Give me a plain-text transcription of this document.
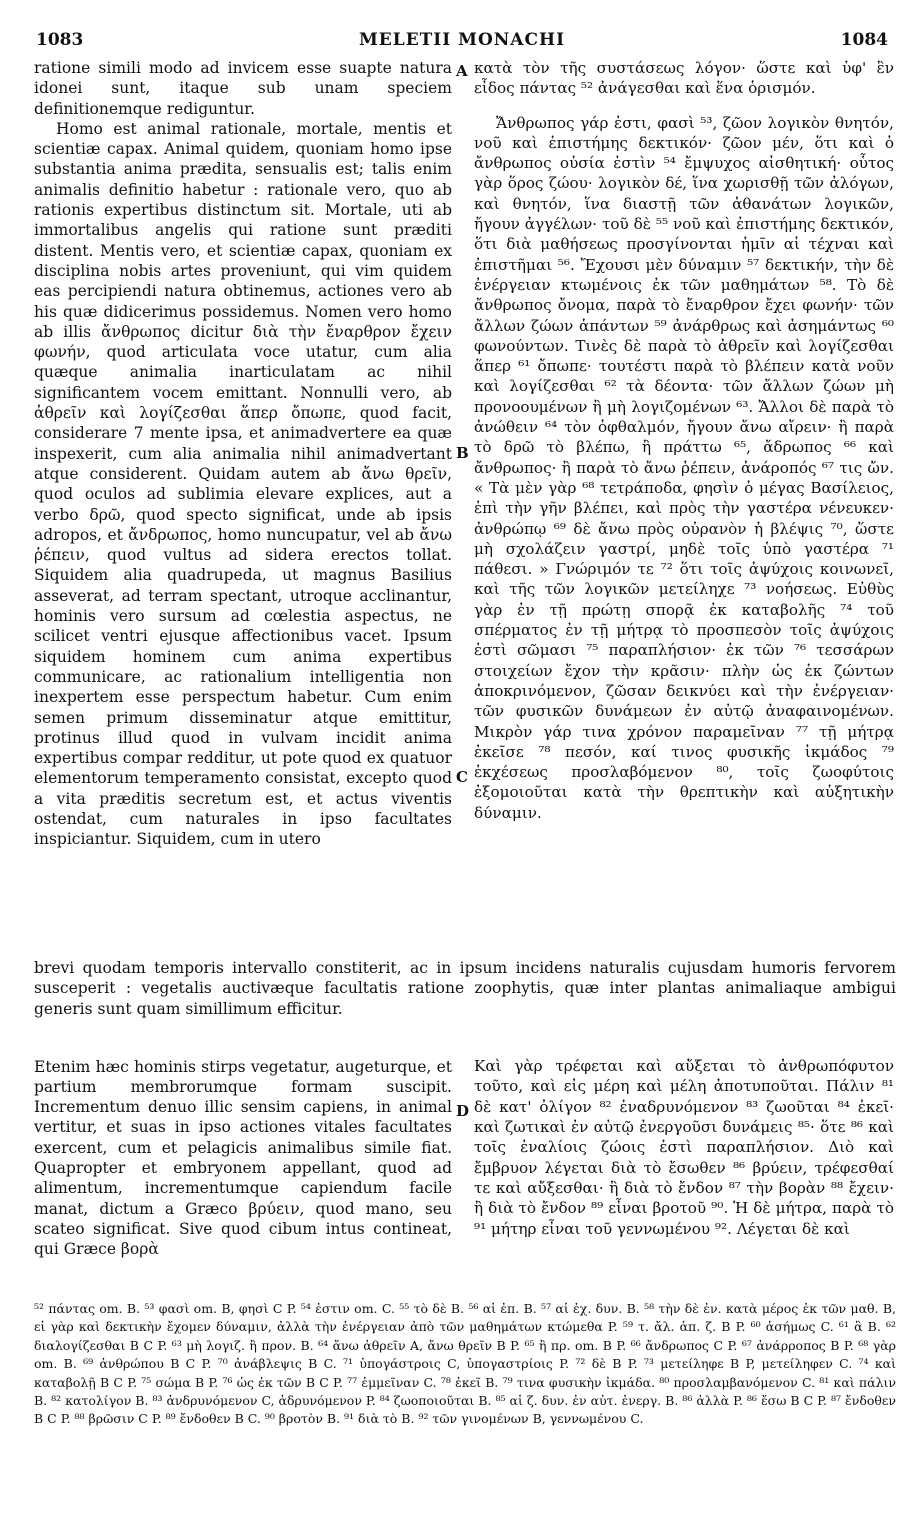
1083	MELETII MONACHI	1084
A
B
C
D

ratione simili modo ad invicem esse suapte natura idonei sunt, itaque sub unam speciem definitionemque rediguntur.

Homo est animal rationale, mortale, mentis et scientiæ capax. Animal quidem, quoniam homo ipse substantia anima prædita, sensualis est; talis enim animalis definitio habetur : rationale vero, quo ab rationis expertibus distinctum sit. Mortale, uti ab immortalibus angelis qui ratione sunt præditi distent. Mentis vero, et scientiæ capax, quoniam ex disciplina nobis artes proveniunt, qui vim quidem eas percipiendi natura obtinemus, actiones vero ab his quæ didicerimus possidemus. Nomen vero homo ab illis ἄνθρωπος dicitur διὰ τὴν ἔναρθρον ἔχειν φωνήν, quod articulata voce utatur, cum alia quæque animalia inarticulatam ac nihil significantem vocem emittant. Nonnulli vero, ab ἀθρεῖν καὶ λογίζεσθαι ἅπερ ὄπωπε, quod facit, considerare 7 mente ipsa, et animadvertere ea quæ inspexerit, cum alia animalia nihil animadvertant atque considerent. Quidam autem ab ἄνω θρεῖν, quod oculos ad sublimia elevare explices, aut a verbo δρῶ, quod specto significat, unde ab ipsis adropos, et ἄνδρωπος, homo nuncupatur, vel ab ἄνω ῥέπειν, quod vultus ad sidera erectos tollat. Siquidem alia quadrupeda, ut magnus Basilius asseverat, ad terram spectant, utroque acclinantur, hominis vero sursum ad cœlestia aspectus, ne scilicet ventri ejusque affectionibus vacet. Ipsum siquidem hominem cum anima expertibus communicare, ac rationalium intelligentia non inexpertem esse perspectum habetur. Cum enim semen primum disseminatur atque emittitur, protinus illud quod in vulvam incidit anima expertibus compar redditur, ut pote quod ex quatuor elementorum temperamento consistat, excepto quod a vita præditis secretum est, et actus viventis ostendat, cum naturales in ipso facultates inspiciantur. Siquidem, cum in utero

κατὰ τὸν τῆς συστάσεως λόγον· ὥστε καὶ ὑφ' ἓν εἶδος πάντας ⁵² ἀνάγεσθαι καὶ ἕνα ὁρισμόν.

Ἄνθρωπος γάρ ἐστι, φασὶ ⁵³, ζῶον λογικὸν θνητόν, νοῦ καὶ ἐπιστήμης δεκτικόν· ζῶον μέν, ὅτι καὶ ὁ ἄνθρωπος οὐσία ἐστὶν ⁵⁴ ἔμψυχος αἰσθητική· οὗτος γὰρ ὅρος ζώου· λογικὸν δέ, ἵνα χωρισθῇ τῶν ἀλόγων, καὶ θνητόν, ἵνα διαστῇ τῶν ἀθανάτων λογικῶν, ἤγουν ἀγγέλων· τοῦ δὲ ⁵⁵ νοῦ καὶ ἐπιστήμης δεκτικόν, ὅτι διὰ μαθήσεως προσγίνονται ἡμῖν αἱ τέχναι καὶ ἐπιστῆμαι ⁵⁶. Ἔχουσι μὲν δύναμιν ⁵⁷ δεκτικήν, τὴν δὲ ἐνέργειαν κτωμένοις ἐκ τῶν μαθημάτων ⁵⁸. Τὸ δὲ ἄνθρωπος ὄνομα, παρὰ τὸ ἔναρθρον ἔχει φωνήν· τῶν ἄλλων ζώων ἁπάντων ⁵⁹ ἀνάρθρως καὶ ἀσημάντως ⁶⁰ φωνούντων. Τινὲς δὲ παρὰ τὸ ἀθρεῖν καὶ λογίζεσθαι ἅπερ ⁶¹ ὄπωπε· τουτέστι παρὰ τὸ βλέπειν κατὰ νοῦν καὶ λογίζεσθαι ⁶² τὰ δέοντα· τῶν ἄλλων ζώων μὴ προνοουμένων ἢ μὴ λογιζομένων ⁶³. Ἄλλοι δὲ παρὰ τὸ ἀνώθειν ⁶⁴ τὸν ὀφθαλμόν, ἤγουν ἄνω αἴρειν· ἢ παρὰ τὸ δρῶ τὸ βλέπω, ἢ πράττω ⁶⁵, ἄδρωπος ⁶⁶ καὶ ἄνθρωπος· ἢ παρὰ τὸ ἄνω ῥέπειν, ἀνάροπός ⁶⁷ τις ὤν. « Τὰ μὲν γὰρ ⁶⁸ τετράποδα, φησὶν ὁ μέγας Βασίλειος, ἐπὶ τὴν γῆν βλέπει, καὶ πρὸς τὴν γαστέρα νένευκεν· ἀνθρώπῳ ⁶⁹ δὲ ἄνω πρὸς οὐρανὸν ἡ βλέψις ⁷⁰, ὥστε μὴ σχολάζειν γαστρί, μηδὲ τοῖς ὑπὸ γαστέρα ⁷¹ πάθεσι. » Γνώριμόν τε ⁷² ὅτι τοῖς ἀψύχοις κοινωνεῖ, καὶ τῆς τῶν λογικῶν μετείληχε ⁷³ νοήσεως. Εὐθὺς γὰρ ἐν τῇ πρώτῃ σπορᾷ ἐκ καταβολῆς ⁷⁴ τοῦ σπέρματος ἐν τῇ μήτρᾳ τὸ προσπεσὸν τοῖς ἀψύχοις ἐστὶ σῶμασι ⁷⁵ παραπλήσιον· ἐκ τῶν ⁷⁶ τεσσάρων στοιχείων ἔχον τὴν κρᾶσιν· πλὴν ὡς ἐκ ζώντων ἀποκρινόμενον, ζῶσαν δεικνύει καὶ τὴν ἐνέργειαν· τῶν φυσικῶν δυνάμεων ἐν αὐτῷ ἀναφαινομένων. Μικρὸν γάρ τινα χρόνον παραμεῖναν ⁷⁷ τῇ μήτρᾳ ἐκεῖσε ⁷⁸ πεσόν, καί τινος φυσικῆς ἰκμάδος ⁷⁹ ἐκχέσεως προσλαβόμενον ⁸⁰, τοῖς ζωοφύτοις ἐξομοιοῦται κατὰ τὴν θρεπτικὴν καὶ αὐξητικὴν δύναμιν.

brevi quodam temporis intervallo constiterit, ac in ipsum incidens naturalis cujusdam humoris fervorem susceperit : vegetalis auctivæque facultatis ratione zoophytis, quæ inter plantas animaliaque ambigui generis sunt quam simillimum efficitur.

Etenim hæc hominis stirps vegetatur, augeturque, et partium membrorumque formam suscipit. Incrementum denuo illic sensim capiens, in animal vertitur, et suas in ipso actiones vitales facultates exercent, cum et pelagicis animalibus simile fiat. Quapropter et embryonem appellant, quod ad alimentum, incrementumque capiendum facile manat, dictum a Græco βρύειν, quod mano, seu scateo significat. Sive quod cibum intus contineat, qui Græce βορὰ

Καὶ γὰρ τρέφεται καὶ αὔξεται τὸ ἀνθρωπόφυτον τοῦτο, καὶ εἰς μέρη καὶ μέλη ἀποτυποῦται. Πάλιν ⁸¹ δὲ κατ' ὀλίγον ⁸² ἐναδρυνόμενον ⁸³ ζωοῦται ⁸⁴ ἐκεῖ· καὶ ζωτικαὶ ἐν αὐτῷ ἐνεργοῦσι δυνάμεις ⁸⁵· ὅτε ⁸⁶ καὶ τοῖς ἐναλίοις ζώοις ἐστὶ παραπλήσιον. Διὸ καὶ ἔμβρυον λέγεται διὰ τὸ ἔσωθεν ⁸⁶ βρύειν, τρέφεσθαί τε καὶ αὔξεσθαι· ἢ διὰ τὸ ἔνδον ⁸⁷ τὴν βορὰν ⁸⁸ ἔχειν· ἢ διὰ τὸ ἔνδον ⁸⁹ εἶναι βροτοῦ ⁹⁰. Ἡ δὲ μήτρα, παρὰ τὸ ⁹¹ μήτηρ εἶναι τοῦ γεννωμένου ⁹². Λέγεται δὲ καὶ

⁵² πάντας om. B. ⁵³ φασὶ om. B, φησὶ C P. ⁵⁴ ἐστιν om. C. ⁵⁵ τὸ δὲ B. ⁵⁶ αἱ ἐπ. B. ⁵⁷ αἱ ἐχ. δυν. B. ⁵⁸ τὴν δὲ ἐν. κατὰ μέρος ἐκ τῶν μαθ. B, εἰ γὰρ καὶ δεκτικὴν ἔχομεν δύναμιν, ἀλλὰ τὴν ἐνέργειαν ἀπὸ τῶν μαθημάτων κτώμεθα P. ⁵⁹ τ. ἄλ. ἁπ. ζ. B P. ⁶⁰ ἀσήμως C. ⁶¹ ἃ B. ⁶² διαλογίζεσθαι B C P. ⁶³ μὴ λογιζ. ἢ προν. B. ⁶⁴ ἄνω ἀθρεῖν A, ἄνω θρεῖν B P. ⁶⁵ ἢ πρ. om. B P. ⁶⁶ ἄνδρωπος C P. ⁶⁷ ἀνάρροπος B P. ⁶⁸ γὰρ om. B. ⁶⁹ ἀνθρώπου B C P. ⁷⁰ ἀνάβλεψις B C. ⁷¹ ὑπογάστροις C, ὑπογαστρίοις P. ⁷² δὲ B P. ⁷³ μετείληφε B P, μετείληφεν C. ⁷⁴ καὶ καταβολῇ B C P. ⁷⁵ σώμα B P. ⁷⁶ ὡς ἐκ τῶν B C P. ⁷⁷ ἐμμεῖναν C. ⁷⁸ ἐκεῖ B. ⁷⁹ τινα φυσικὴν ἰκμάδα. ⁸⁰ προσλαμβανόμενον C. ⁸¹ καὶ πάλιν B. ⁸² κατολίγον B. ⁸³ ἀνδρυνόμενον C, ἀδρυνόμενον P. ⁸⁴ ζωοποιοῦται B. ⁸⁵ αἱ ζ. δυν. ἐν αὐτ. ἐνεργ. B. ⁸⁶ ἀλλὰ P. ⁸⁶ ἔσω B C P. ⁸⁷ ἔνδοθεν B C P. ⁸⁸ βρῶσιν C P. ⁸⁹ ἔνδοθεν B C. ⁹⁰ βροτὸν B. ⁹¹ διὰ τὸ B. ⁹² τῶν γινομένων B, γεννωμένου C.
